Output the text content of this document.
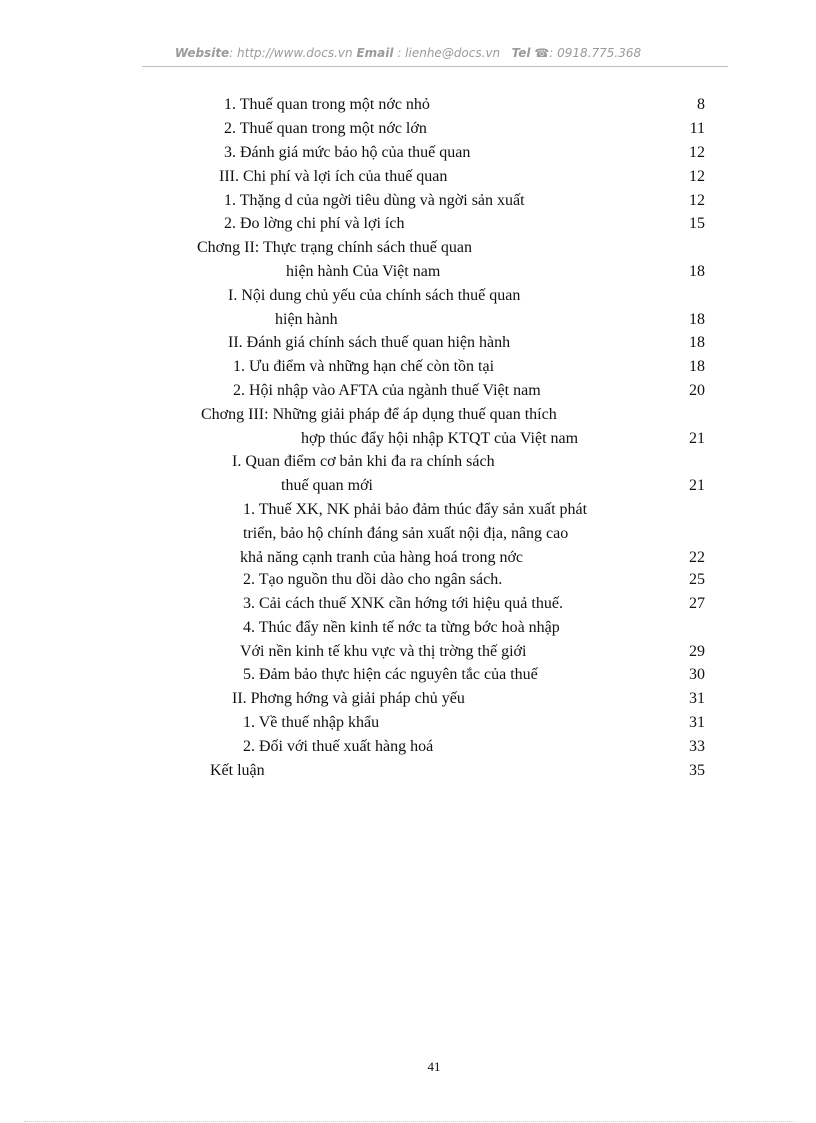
Website: http://www.docs.vn Email : lienhe@docs.vn Tel ☎: 0918.775.368
1. Thuế quan trong một nớc nhỏ	8
2. Thuế quan trong một nớc lớn	11
3. Đánh giá mức bảo hộ của thuế quan	12
III. Chi phí và lợi ích của thuế quan	12
1. Thặng d của ngời tiêu dùng và ngời sản xuất	12
2. Đo lờng chi phí và lợi ích	15
Chơng II: Thực trạng chính sách thuế quan
hiện hành Của Việt nam	18
I. Nội dung chủ yếu của chính sách thuế quan
hiện hành	18
II. Đánh giá chính sách thuế quan hiện hành	18
1. Ưu điểm và những hạn chế còn tồn tại	18
2. Hội nhập vào AFTA của ngành thuế Việt nam	20
Chơng III: Những giải pháp để áp dụng thuế quan thích
hợp thúc đẩy hội nhập KTQT của Việt nam	21
I. Quan điểm cơ bản khi đa ra chính sách
thuế quan mới	21
1. Thuế XK, NK phải bảo đảm thúc đẩy sản xuất phát
triển, bảo hộ chính đáng sản xuất nội địa, nâng cao
khả năng cạnh tranh của hàng hoá trong nớc	22
2. Tạo nguồn thu dồi dào cho ngân sách.	25
3. Cải cách thuế XNK cần hớng tới hiệu quả thuế.	27
4. Thúc đẩy nền kinh tế nớc ta từng bớc hoà nhập
Với nền kinh tế khu vực và thị trờng thế giới	29
5. Đảm bảo thực hiện các nguyên tắc của thuế	30
II. Phơng hớng và giải pháp chủ yếu	31
1. Về thuế nhập khẩu	31
2. Đối với thuế xuất hàng hoá	33
Kết luận	35
41
